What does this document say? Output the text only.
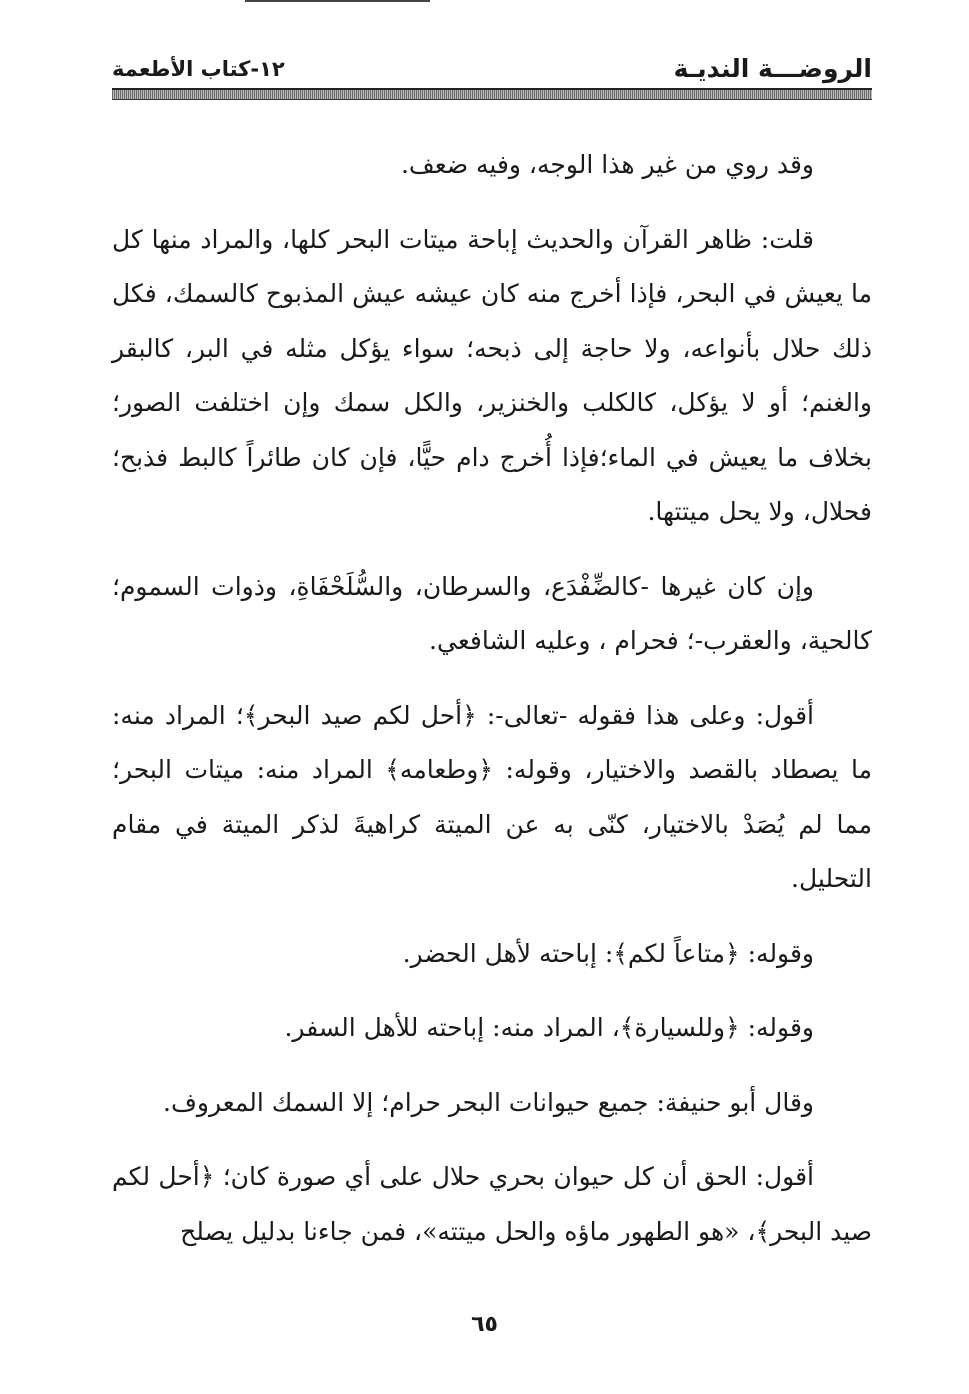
الروضـــة النديـة
١٢-كتاب الأطعمة

وقد روي من غير هذا الوجه، وفيه ضعف.

قلت: ظاهر القرآن والحديث إباحة ميتات البحر كلها، والمراد منها كل ما يعيش في البحر، فإذا أخرج منه كان عيشه عيش المذبوح كالسمك، فكل ذلك حلال بأنواعه، ولا حاجة إلى ذبحه؛ سواء يؤكل مثله في البر، كالبقر والغنم؛ أو لا يؤكل، كالكلب والخنزير، والكل سمك وإن اختلفت الصور؛ بخلاف ما يعيش في الماء؛فإذا أُخرج دام حيًّا، فإن كان طائراً كالبط فذبح؛ فحلال، ولا يحل ميتتها.

وإن كان غيرها -كالضِّفْدَع، والسرطان، والسُّلَحْفَاةِ، وذوات السموم؛ كالحية، والعقرب-؛ فحرام ، وعليه الشافعي.

أقول: وعلى هذا فقوله -تعالى-: ﴿أحل لكم صيد البحر﴾؛ المراد منه: ما يصطاد بالقصد والاختيار، وقوله: ﴿وطعامه﴾ المراد منه: ميتات البحر؛ مما لم يُصَدْ بالاختيار، كنّى به عن الميتة كراهيةَ لذكر الميتة في مقام التحليل.

وقوله: ﴿متاعاً لكم﴾: إباحته لأهل الحضر.

وقوله: ﴿وللسيارة﴾، المراد منه: إباحته للأهل السفر.

وقال أبو حنيفة: جميع حيوانات البحر حرام؛ إلا السمك المعروف.

أقول: الحق أن كل حيوان بحري حلال على أي صورة كان؛ ﴿أحل لكم صيد البحر﴾، «هو الطهور ماؤه والحل ميتته»، فمن جاءنا بدليل يصلح

٦٥
